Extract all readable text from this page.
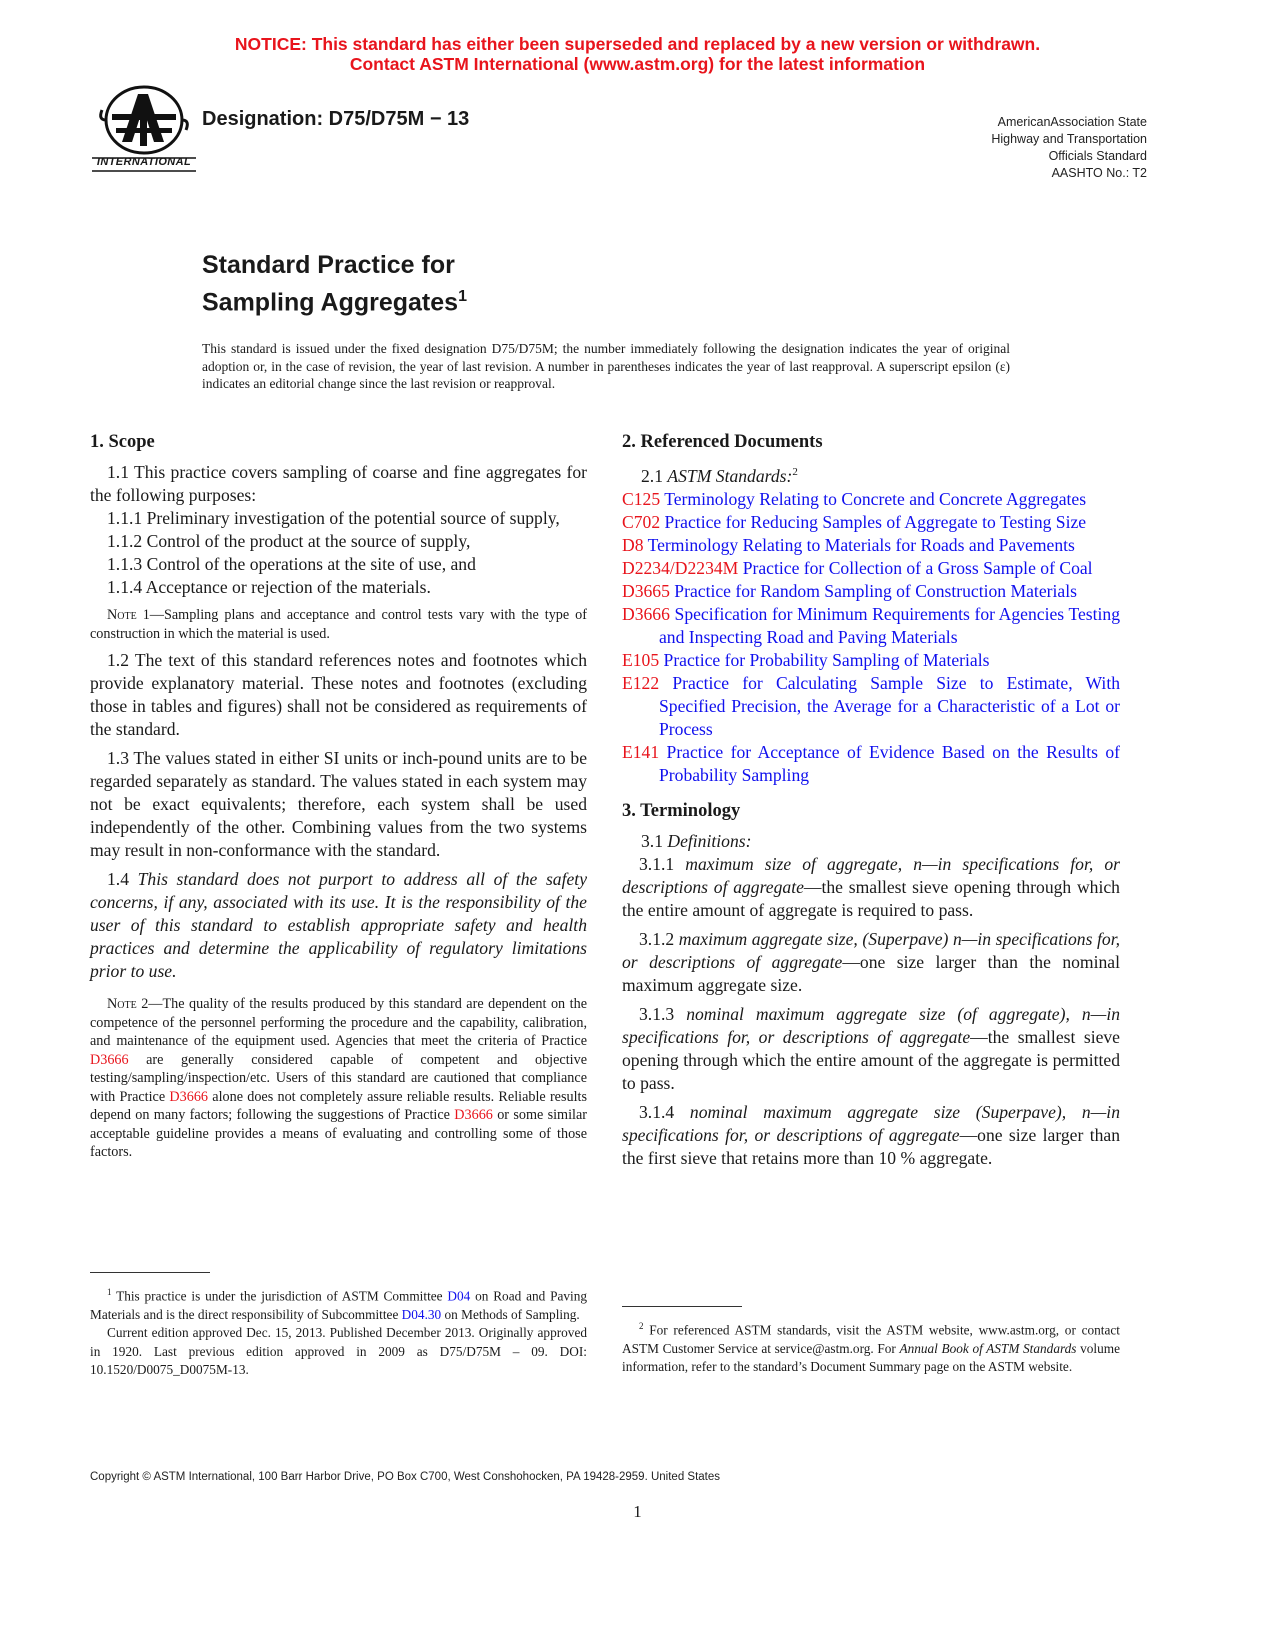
NOTICE: This standard has either been superseded and replaced by a new version or withdrawn.
Contact ASTM International (www.astm.org) for the latest information
INTERNATIONAL
Designation: D75/D75M − 13	AmericanAssociation State
Highway and Transportation
Officials Standard
AASHTO No.: T2
Standard Practice for
Sampling Aggregates$^1$
This standard is issued under the fixed designation D75/D75M; the number immediately following the designation indicates the year of original adoption or, in the case of revision, the year of last revision. A number in parentheses indicates the year of last reapproval. A superscript epsilon (ε) indicates an editorial change since the last revision or reapproval.
1. Scope

1.1 This practice covers sampling of coarse and fine aggregates for the following purposes:

1.1.1 Preliminary investigation of the potential source of supply,

1.1.2 Control of the product at the source of supply,

1.1.3 Control of the operations at the site of use, and

1.1.4 Acceptance or rejection of the materials.

Note 1—Sampling plans and acceptance and control tests vary with the type of construction in which the material is used.

1.2 The text of this standard references notes and footnotes which provide explanatory material. These notes and footnotes (excluding those in tables and figures) shall not be considered as requirements of the standard.

1.3 The values stated in either SI units or inch-pound units are to be regarded separately as standard. The values stated in each system may not be exact equivalents; therefore, each system shall be used independently of the other. Combining values from the two systems may result in non-conformance with the standard.

1.4 This standard does not purport to address all of the safety concerns, if any, associated with its use. It is the responsibility of the user of this standard to establish appropriate safety and health practices and determine the applicability of regulatory limitations prior to use.

Note 2—The quality of the results produced by this standard are dependent on the competence of the personnel performing the procedure and the capability, calibration, and maintenance of the equipment used. Agencies that meet the criteria of Practice D3666 are generally considered capable of competent and objective testing/sampling/inspection/etc. Users of this standard are cautioned that compliance with Practice D3666 alone does not completely assure reliable results. Reliable results depend on many factors; following the suggestions of Practice D3666 or some similar acceptable guideline provides a means of evaluating and controlling some of those factors.

$^1$ This practice is under the jurisdiction of ASTM Committee D04 on Road and Paving Materials and is the direct responsibility of Subcommittee D04.30 on Methods of Sampling.

Current edition approved Dec. 15, 2013. Published December 2013. Originally approved in 1920. Last previous edition approved in 2009 as D75/D75M – 09. DOI: 10.1520/D0075_D0075M-13.

2. Referenced Documents

2.1 ASTM Standards:$^2$

C125 Terminology Relating to Concrete and Concrete Aggregates

C702 Practice for Reducing Samples of Aggregate to Testing Size

D8 Terminology Relating to Materials for Roads and Pavements

D2234/D2234M Practice for Collection of a Gross Sample of Coal

D3665 Practice for Random Sampling of Construction Materials

D3666 Specification for Minimum Requirements for Agencies Testing and Inspecting Road and Paving Materials

E105 Practice for Probability Sampling of Materials

E122 Practice for Calculating Sample Size to Estimate, With Specified Precision, the Average for a Characteristic of a Lot or Process

E141 Practice for Acceptance of Evidence Based on the Results of Probability Sampling

3. Terminology

3.1 Definitions:

3.1.1 maximum size of aggregate, n—in specifications for, or descriptions of aggregate—the smallest sieve opening through which the entire amount of aggregate is required to pass.

3.1.2 maximum aggregate size, (Superpave) n—in specifications for, or descriptions of aggregate—one size larger than the nominal maximum aggregate size.

3.1.3 nominal maximum aggregate size (of aggregate), n—in specifications for, or descriptions of aggregate—the smallest sieve opening through which the entire amount of the aggregate is permitted to pass.

3.1.4 nominal maximum aggregate size (Superpave), n—in specifications for, or descriptions of aggregate—one size larger than the first sieve that retains more than 10 % aggregate.

$^2$ For referenced ASTM standards, visit the ASTM website, www.astm.org, or contact ASTM Customer Service at service@astm.org. For Annual Book of ASTM Standards volume information, refer to the standard’s Document Summary page on the ASTM website.

Copyright © ASTM International, 100 Barr Harbor Drive, PO Box C700, West Conshohocken, PA 19428-2959. United States
1
